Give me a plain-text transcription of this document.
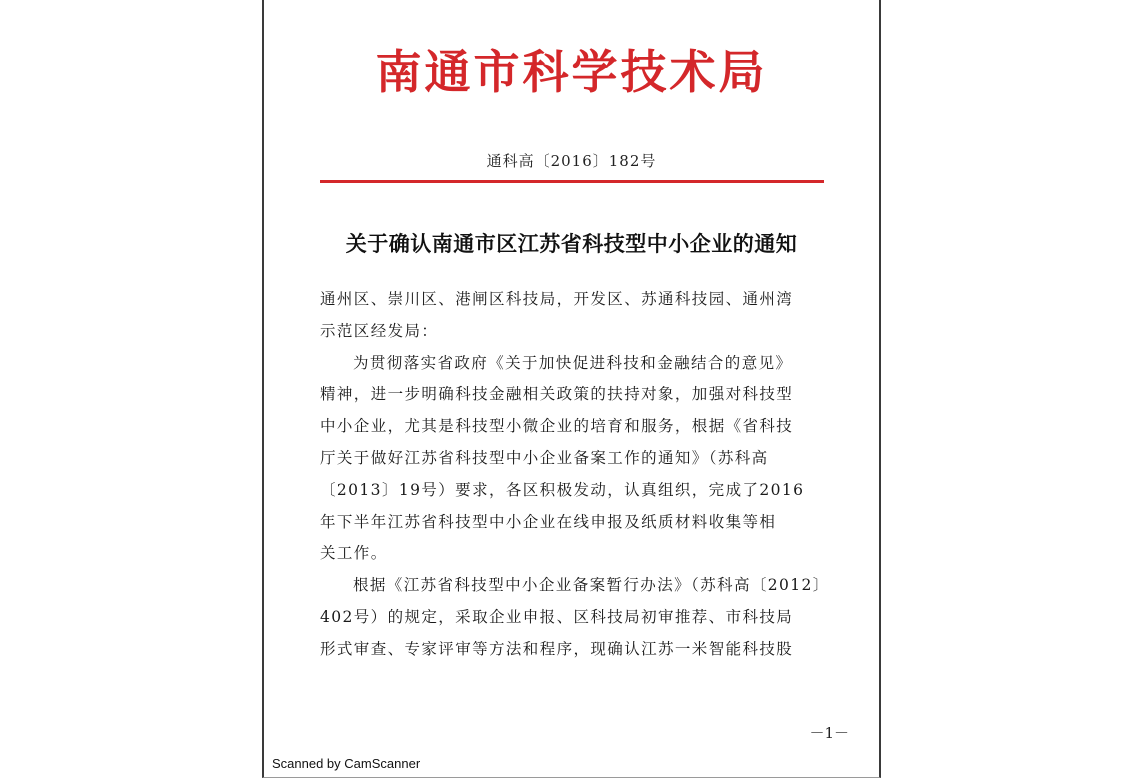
南通市科学技术局
通科高〔2016〕182号
关于确认南通市区江苏省科技型中小企业的通知
通州区、崇川区、港闸区科技局，开发区、苏通科技园、通州湾
示范区经发局：
为贯彻落实省政府《关于加快促进科技和金融结合的意见》
精神，进一步明确科技金融相关政策的扶持对象，加强对科技型
中小企业，尤其是科技型小微企业的培育和服务，根据《省科技
厅关于做好江苏省科技型中小企业备案工作的通知》（苏科高
〔2013〕19号）要求，各区积极发动，认真组织，完成了2016
年下半年江苏省科技型中小企业在线申报及纸质材料收集等相
关工作。
根据《江苏省科技型中小企业备案暂行办法》（苏科高〔2012〕
402号）的规定，采取企业申报、区科技局初审推荐、市科技局
形式审查、专家评审等方法和程序，现确认江苏一米智能科技股
－1－
Scanned by CamScanner
